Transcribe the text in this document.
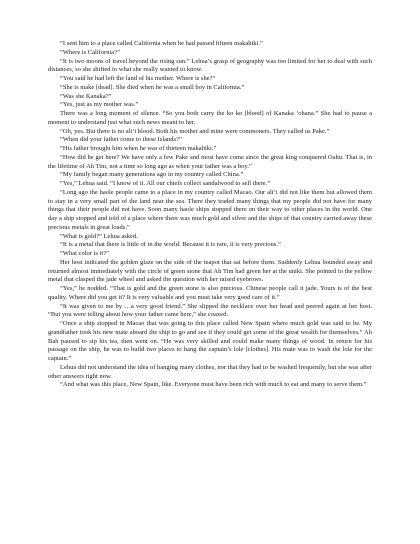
“I sent him to a place called California when he had passed fifteen makahiki.”

“Where is California?”

“It is two moons of travel beyond the rising sun.” Lehua’s grasp of geography was too limited for her to deal with such distances, so she shifted to what she really wanted to know.

“You said he had left the land of his mother. Where is she?”

“She is make [dead]. She died when he was a small boy in California.”

“Was she Kanaka?”

“Yes, just as my mother was.”

There was a long moment of silence. “So you both carry the ko ko [blood] of Kanaka ‘ohana.” She had to pause a moment to understand just what such news meant to her.

“Oh, yes. But there is no ali‘i blood. Both his mother and mine were commoners. They called us Pake.”

“When did your father come to these Islands?”

“His father brought him when he was of thirteen makahiki.”

“How did he get here? We have only a few Pake and most have come since the great king conquered Oahu. That is, in the lifetime of Ah Tim, not a time so long ago as when your father was a boy.”

“My family began many generations ago in my country called China.”

“Yes,” Lehua said. “I know of it. All our chiefs collect sandalwood to sell there.”

“Long ago the haole people came to a place in my country called Macao. Our ali‘i did not like them but allowed them to stay in a very small part of the land near the sea. There they traded many things that my people did not have for many things that their people did not have. Soon many haole ships stopped there on their way to other places in the world. One day a ship stopped and told of a place where there was much gold and silver and the ships of that country carried away these precious metals in great loads.”

“What is gold?” Lehua asked.

“It is a metal that there is little of in the world. Because it is rare, it is very precious.”

“What color is it?”

Her host indicated the golden glaze on the side of the teapot that sat before them. Suddenly Lehua bounded away and returned almost immediately with the circle of green stone that Ah Tim had given her at the uniki. She pointed to the yellow metal that clasped the jade wheel and asked the question with her raised eyebrows.

“Yes,” he nodded. “That is gold and the green stone is also precious. Chinese people call it jade. Yours is of the best quality. Where did you get it? It is very valuable and you must take very good care of it.”

“It was given to me by …a very good friend.” She slipped the necklace over her head and peered again at her host. “But you were telling about how your father came here,” she coaxed.

“Once a ship stopped in Macao that was going to this place called New Spain where much gold was said to be. My grandfather took his new mate aboard the ship to go and see if they could get some of the great wealth for themselves.” Ah Bah paused to sip his tea, then went on. “He was very skilled and could make many things of wood. In return for his passage on the ship, he was to build two places to hang the captain’s lole [clothes]. His mate was to wash the lole for the captain.”

Lehua did not understand the idea of hanging many clothes, nor that they had to be washed frequently, but she was after other answers right now.

“And what was this place, New Spain, like. Everyone must have been rich with much to eat and many to serve them.”
